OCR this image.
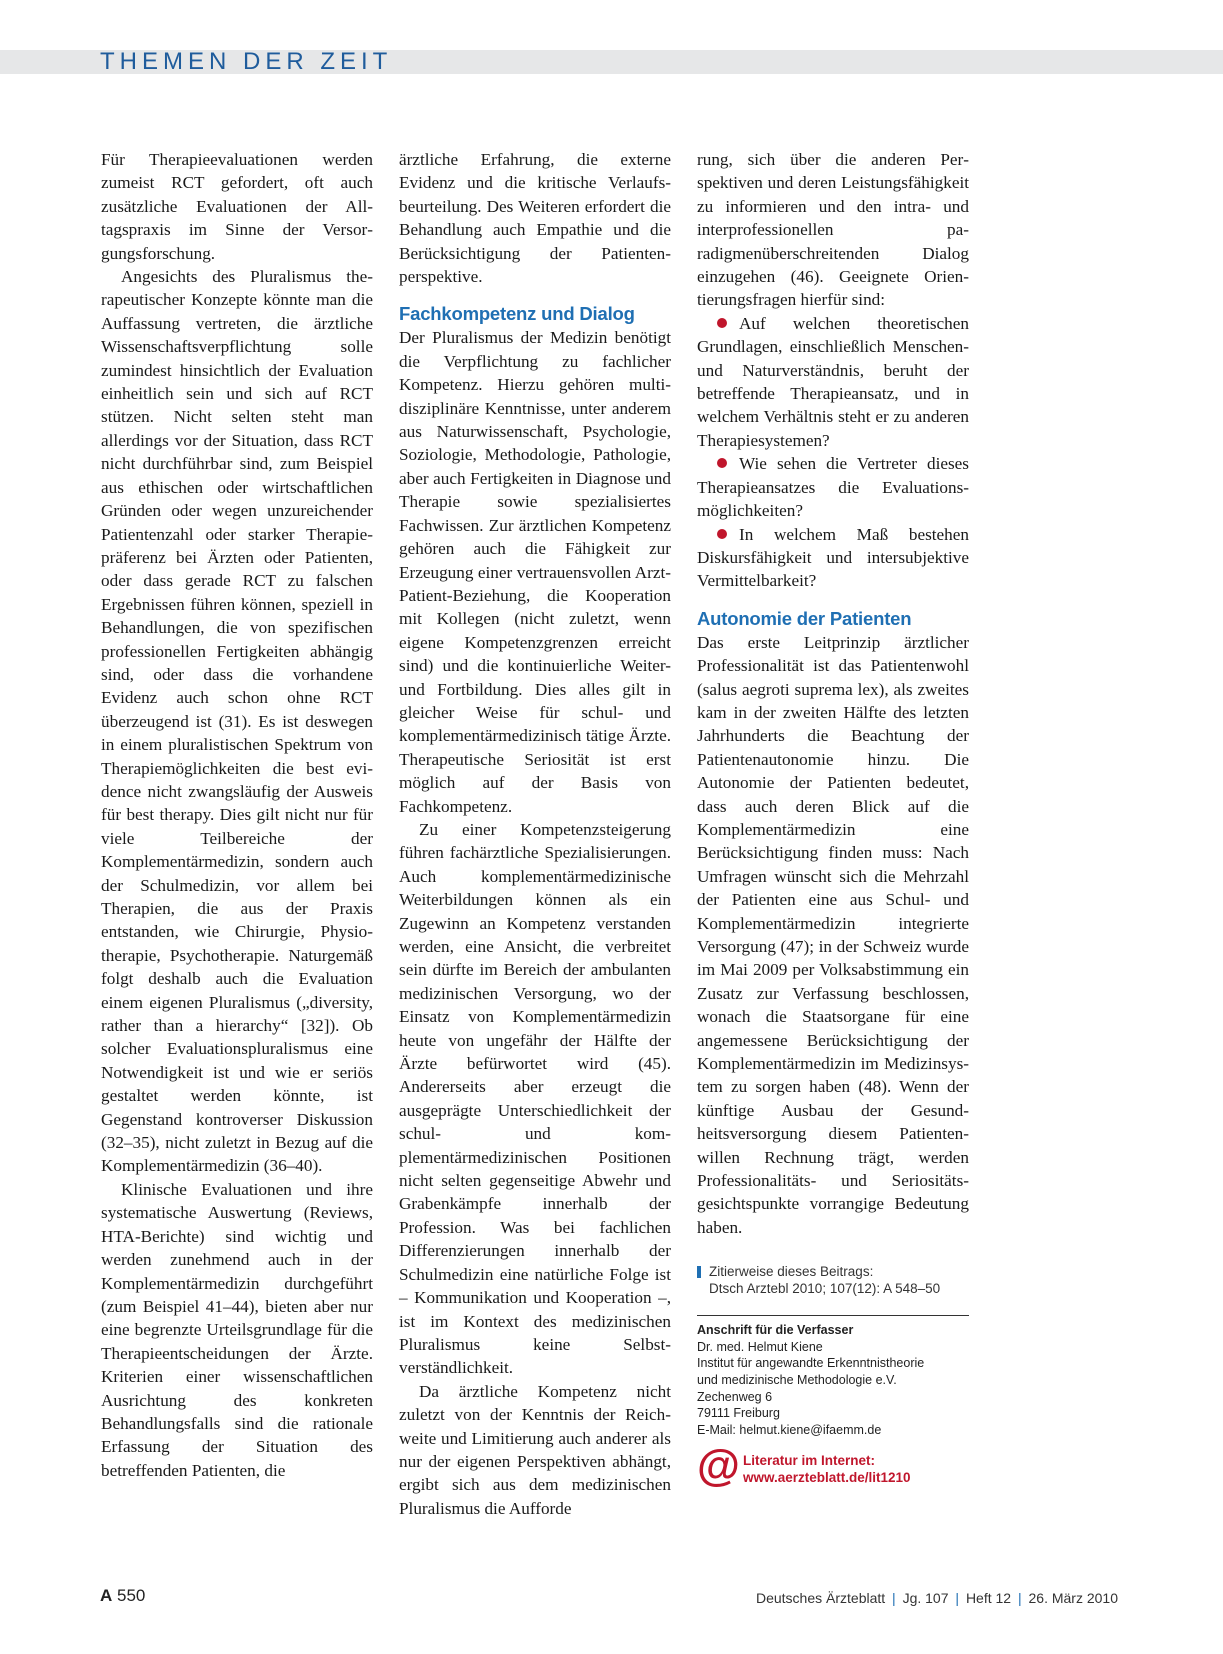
THEMEN DER ZEIT

Für Therapieevaluationen werden zumeist RCT gefordert, oft auch zusätzliche Evaluationen der Alltagspraxis im Sinne der Versorgungsforschung.

Angesichts des Pluralismus therapeutischer Konzepte könnte man die Auffassung vertreten, die ärztliche Wissenschaftsverpflichtung solle zumindest hinsichtlich der Evaluation einheitlich sein und sich auf RCT stützen. Nicht selten steht man allerdings vor der Situation, dass RCT nicht durchführbar sind, zum Beispiel aus ethischen oder wirtschaftlichen Gründen oder wegen unzureichender Patientenzahl oder starker Therapiepräferenz bei Ärzten oder Patienten, oder dass gerade RCT zu falschen Ergebnissen führen können, speziell in Behandlungen, die von spezifischen professionellen Fertigkeiten abhängig sind, oder dass die vorhandene Evidenz auch schon ohne RCT überzeugend ist (31). Es ist deswegen in einem pluralistischen Spektrum von Therapiemöglichkeiten die best evidence nicht zwangsläufig der Ausweis für best therapy. Dies gilt nicht nur für viele Teilbereiche der Komplementärmedizin, sondern auch der Schulmedizin, vor allem bei Therapien, die aus der Praxis entstanden, wie Chirurgie, Physiotherapie, Psychotherapie. Naturgemäß folgt deshalb auch die Evaluation einem eigenen Pluralismus („diversity, rather than a hierarchy“ [32]). Ob solcher Evaluationspluralismus eine Notwendigkeit ist und wie er seriös gestaltet werden könnte, ist Gegenstand kontroverser Diskussion (32–35), nicht zuletzt in Bezug auf die Komplementärmedizin (36–40).

Klinische Evaluationen und ihre systematische Auswertung (Reviews, HTA-Berichte) sind wichtig und werden zunehmend auch in der Komplementärmedizin durchgeführt (zum Beispiel 41–44), bieten aber nur eine begrenzte Urteilsgrundlage für die Therapieentscheidungen der Ärzte. Kriterien einer wissenschaftlichen Ausrichtung des konkreten Behandlungsfalls sind die rationale Erfassung der Situation des betreffenden Patienten, die

ärztliche Erfahrung, die externe Evidenz und die kritische Verlaufsbeurteilung. Des Weiteren erfordert die Behandlung auch Empathie und die Berücksichtigung der Patientenperspektive.

Fachkompetenz und Dialog

Der Pluralismus der Medizin benötigt die Verpflichtung zu fachlicher Kompetenz. Hierzu gehören multidisziplinäre Kenntnisse, unter anderem aus Naturwissenschaft, Psychologie, Soziologie, Methodologie, Pathologie, aber auch Fertigkeiten in Diagnose und Therapie sowie spezialisiertes Fachwissen. Zur ärztlichen Kompetenz gehören auch die Fähigkeit zur Erzeugung einer vertrauensvollen Arzt-Patient-Beziehung, die Kooperation mit Kollegen (nicht zuletzt, wenn eigene Kompetenzgrenzen erreicht sind) und die kontinuierliche Weiter- und Fortbildung. Dies alles gilt in gleicher Weise für schul- und komplementärmedizinisch tätige Ärzte. Therapeutische Seriosität ist erst möglich auf der Basis von Fachkompetenz.

Zu einer Kompetenzsteigerung führen fachärztliche Spezialisierungen. Auch komplementärmedizinische Weiterbildungen können als ein Zugewinn an Kompetenz verstanden werden, eine Ansicht, die verbreitet sein dürfte im Bereich der ambulanten medizinischen Versorgung, wo der Einsatz von Komplementärmedizin heute von ungefähr der Hälfte der Ärzte befürwortet wird (45). Andererseits aber erzeugt die ausgeprägte Unterschiedlichkeit der schul- und komplementärmedizinischen Positionen nicht selten gegenseitige Abwehr und Grabenkämpfe innerhalb der Profession. Was bei fachlichen Differenzierungen innerhalb der Schulmedizin eine natürliche Folge ist – Kommunikation und Kooperation –, ist im Kontext des medizinischen Pluralismus keine Selbstverständlichkeit.

Da ärztliche Kompetenz nicht zuletzt von der Kenntnis der Reichweite und Limitierung auch anderer als nur der eigenen Perspektiven abhängt, ergibt sich aus dem medizinischen Pluralismus die Aufforde

rung, sich über die anderen Perspektiven und deren Leistungsfähigkeit zu informieren und den intra- und interprofessionellen paradigmenüberschreitenden Dialog einzugehen (46). Geeignete Orientierungsfragen hierfür sind:

Auf welchen theoretischen Grundlagen, einschließlich Menschen- und Naturverständnis, beruht der betreffende Therapieansatz, und in welchem Verhältnis steht er zu anderen Therapiesystemen?

Wie sehen die Vertreter dieses Therapieansatzes die Evaluationsmöglichkeiten?

In welchem Maß bestehen Diskursfähigkeit und intersubjektive Vermittelbarkeit?

Autonomie der Patienten

Das erste Leitprinzip ärztlicher Professionalität ist das Patientenwohl (salus aegroti suprema lex), als zweites kam in der zweiten Hälfte des letzten Jahrhunderts die Beachtung der Patientenautonomie hinzu. Die Autonomie der Patienten bedeutet, dass auch deren Blick auf die Komplementärmedizin eine Berücksichtigung finden muss: Nach Umfragen wünscht sich die Mehrzahl der Patienten eine aus Schul- und Komplementärmedizin integrierte Versorgung (47); in der Schweiz wurde im Mai 2009 per Volksabstimmung ein Zusatz zur Verfassung beschlossen, wonach die Staatsorgane für eine angemessene Berücksichtigung der Komplementärmedizin im Medizinsystem zu sorgen haben (48). Wenn der künftige Ausbau der Gesundheitsversorgung diesem Patientenwillen Rechnung trägt, werden Professionalitäts- und Seriositätsgesichtspunkte vorrangige Bedeutung haben.

Zitierweise dieses Beitrags:
Dtsch Arztebl 2010; 107(12): A 548–50
Anschrift für die Verfasser
Dr. med. Helmut Kiene
Institut für angewandte Erkenntnistheorie
und medizinische Methodologie e.V.
Zechenweg 6
79111 Freiburg
E-Mail: helmut.kiene@ifaemm.de
@ Literatur im Internet:
www.aerzteblatt.de/lit1210
A 550	Deutsches Ärzteblatt | Jg. 107 | Heft 12 | 26. März 2010
